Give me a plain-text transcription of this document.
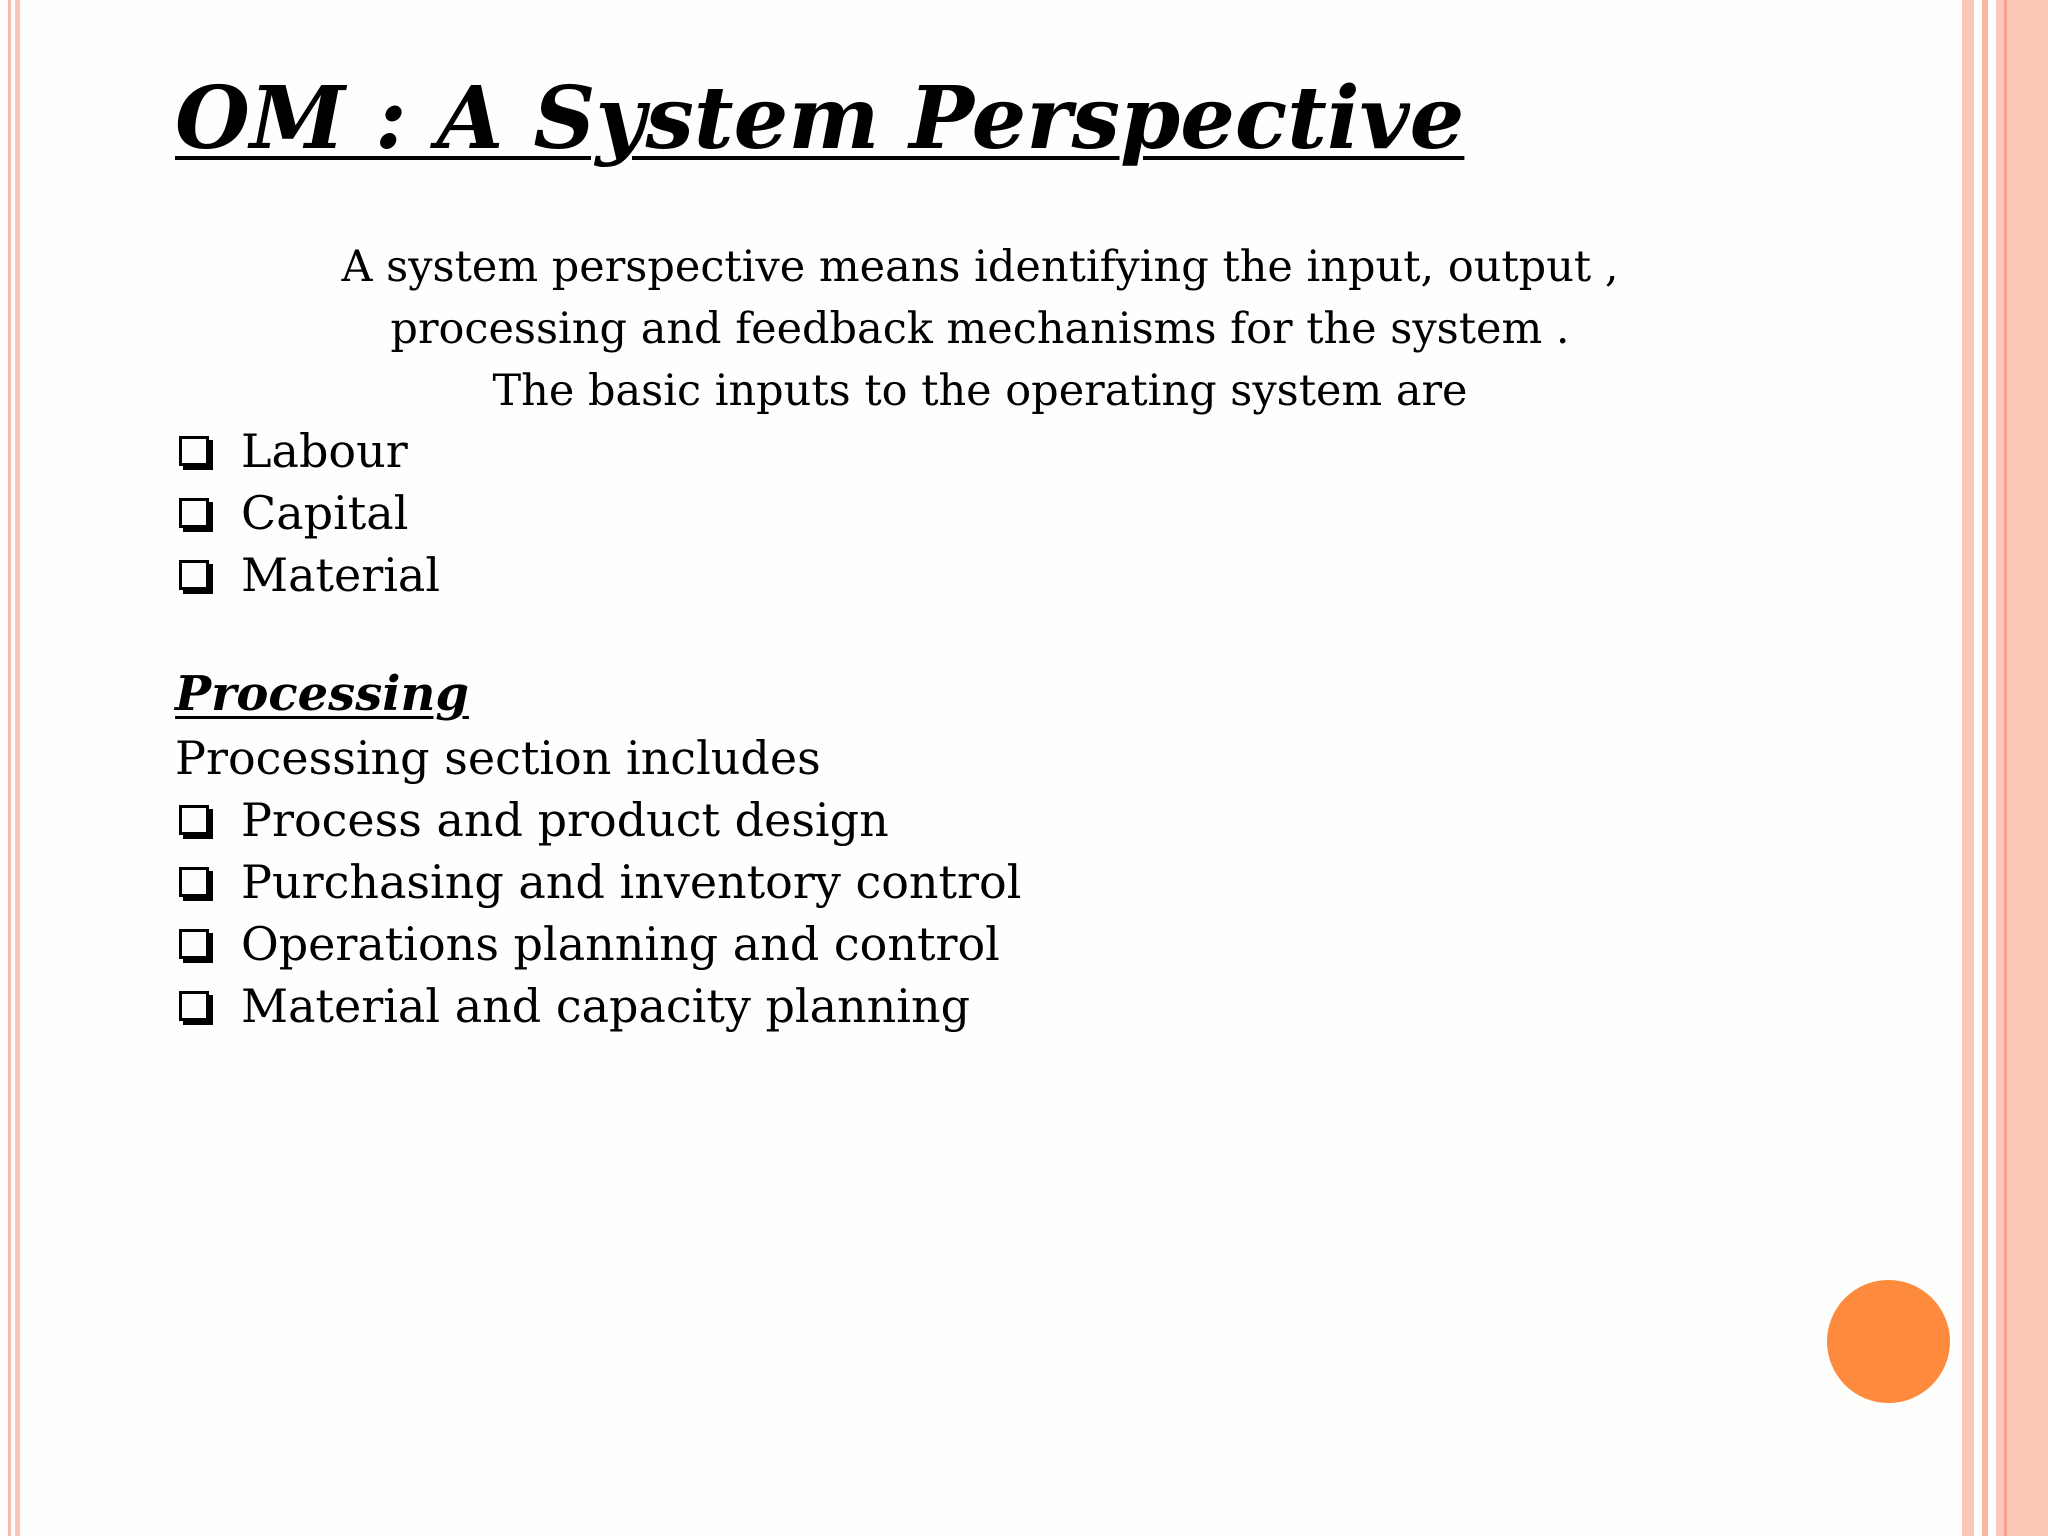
OM : A System Perspective
A system perspective means identifying the input, output ,
processing and feedback mechanisms for the system .
The basic inputs to the operating system are
Labour
Capital
Material
Processing
Processing section includes
Process and product design
Purchasing and inventory control
Operations planning and control
Material and capacity planning
